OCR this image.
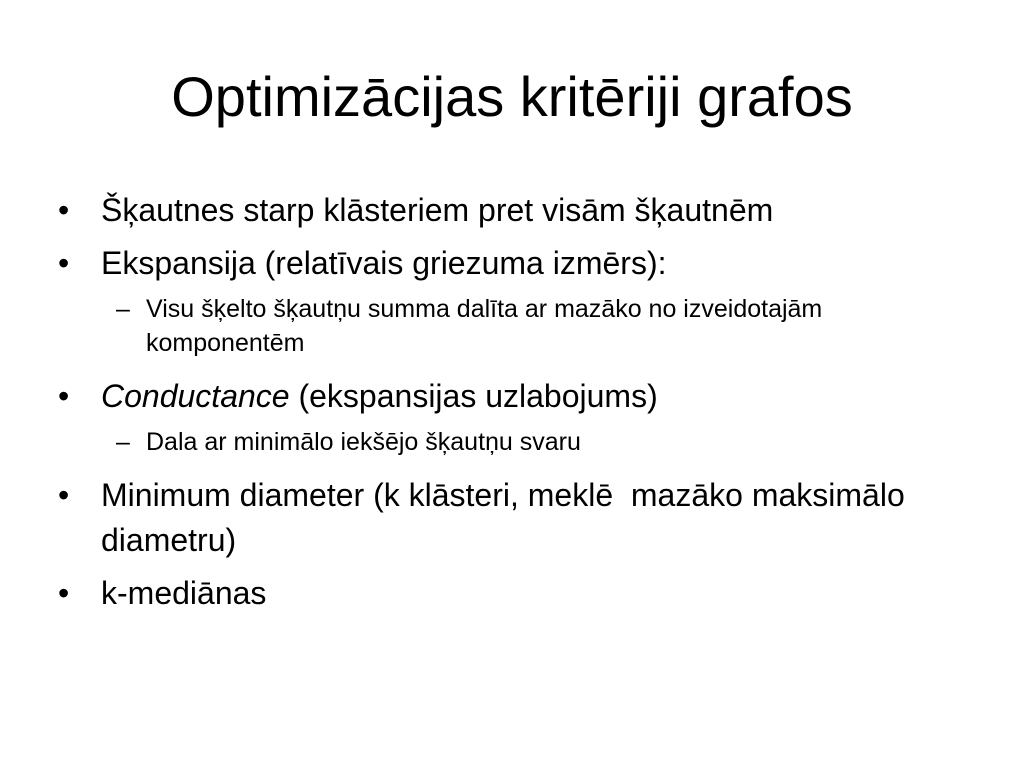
Optimizācijas kritēriji grafos
• Šķautnes starp klāsteriem pret visām šķautnēm
• Ekspansija (relatīvais griezuma izmērs):
– Visu šķelto šķautņu summa dalīta ar mazāko no izveidotajām komponentēm
• Conductance (ekspansijas uzlabojums)
– Dala ar minimālo iekšējo šķautņu svaru
• Minimum diameter (k klāsteri, meklē  mazāko maksimālo diametru)
• k-mediānas
